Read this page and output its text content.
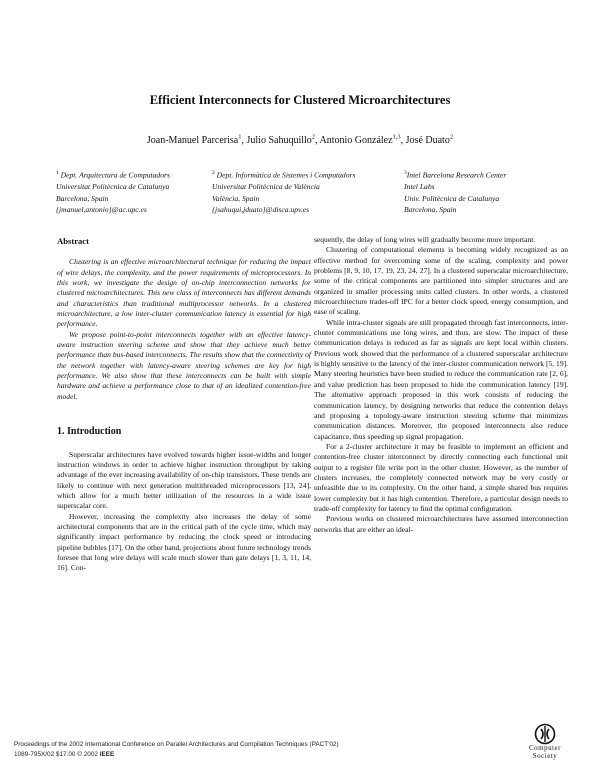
Efficient Interconnects for Clustered Microarchitectures
Joan-Manuel Parcerisa$^1$, Julio Sahuquillo$^2$, Antonio González$^{1,3}$, José Duato$^2$
$^1$ Dept. Arquitectura de Computadors
Universitat Politècnica de Catalunya
Barcelona, Spain
{jmanuel,antonio}@ac.upc.es
$^2$ Dept. Informàtica de Sistemes i Computadors
Universitat Politècnica de València
València, Spain
{jsahuqui,jduato}@disca.upv.es
$^3$Intel Barcelona Research Center
Intel Labs
Univ. Politècnica de Catalunya
Barcelona, Spain

Abstract

Clustering is an effective microarchitectural technique for reducing the impact of wire delays, the complexity, and the power requirements of microprocessors. In this work, we investigate the design of on-chip interconnection networks for clustered microarchitectures. This new class of interconnects has different demands and characteristics than traditional multiprocessor networks. In a clustered microarchitecture, a low inter-cluster communication latency is essential for high performance.

We propose point-to-point interconnects together with an effective latency-aware instruction steering scheme and show that they achieve much better performance than bus-based interconnects. The results show that the connectivity of the network together with latency-aware steering schemes are key for high performance. We also show that these interconnects can be built with simple hardware and achieve a performance close to that of an idealized contention-free model.

1. Introduction

Superscalar architectures have evolved towards higher issue-widths and longer instruction windows in order to achieve higher instruction throughput by taking advantage of the ever increasing availability of on-chip transistors. These trends are likely to continue with next generation multithreaded microprocessors [13, 24], which allow for a much better utilization of the resources in a wide issue superscalar core.

However, increasing the complexity also increases the delay of some architectural components that are in the critical path of the cycle time, which may significantly impact performance by reducing the clock speed or introducing pipeline bubbles [17]. On the other hand, projections about future technology trends foresee that long wire delays will scale much slower than gate delays [1, 3, 11, 14, 16]. Con-

sequently, the delay of long wires will gradually become more important.

Clustering of computational elements is becoming widely recognized as an effective method for overcoming some of the scaling, complexity and power problems [8, 9, 10, 17, 19, 23, 24, 27]. In a clustered superscalar microarchitecture, some of the critical components are partitioned into simpler structures and are organized in smaller processing units called clusters. In other words, a clustered microarchitecture trades-off IPC for a better clock speed, energy consumption, and ease of scaling.

While intra-cluster signals are still propagated through fast interconnects, inter-cluster communications use long wires, and thus, are slow. The impact of these communication delays is reduced as far as signals are kept local within clusters. Previous work showed that the performance of a clustered superscalar architecture is highly sensitive to the latency of the inter-cluster communication network [5, 19]. Many steering heuristics have been studied to reduce the communication rate [2, 6], and value prediction has been proposed to hide the communication latency [19]. The alternative approach proposed in this work consists of reducing the communication latency, by designing networks that reduce the contention delays and proposing a topology-aware instruction steering scheme that minimizes communication distances. Moreover, the proposed interconnects also reduce capacitance, thus speeding up signal propagation.

For a 2-cluster architecture it may be feasible to implement an efficient and contention-free cluster interconnect by directly connecting each functional unit output to a register file write port in the other cluster. However, as the number of clusters increases, the completely connected network may be very costly or unfeasible due to its complexity. On the other hand, a simple shared bus requires lower complexity but it has high contention. Therefore, a particular design needs to trade-off complexity for latency to find the optimal configuration.

Previous works on clustered microarchitectures have assumed interconnection networks that are either an ideal-

Proceedings of the 2002 International Conference on Parallel Architectures and Compilation Techniques (PACT'02)
1089-795X/02 $17.00 © 2002 IEEE
Computer
Society
